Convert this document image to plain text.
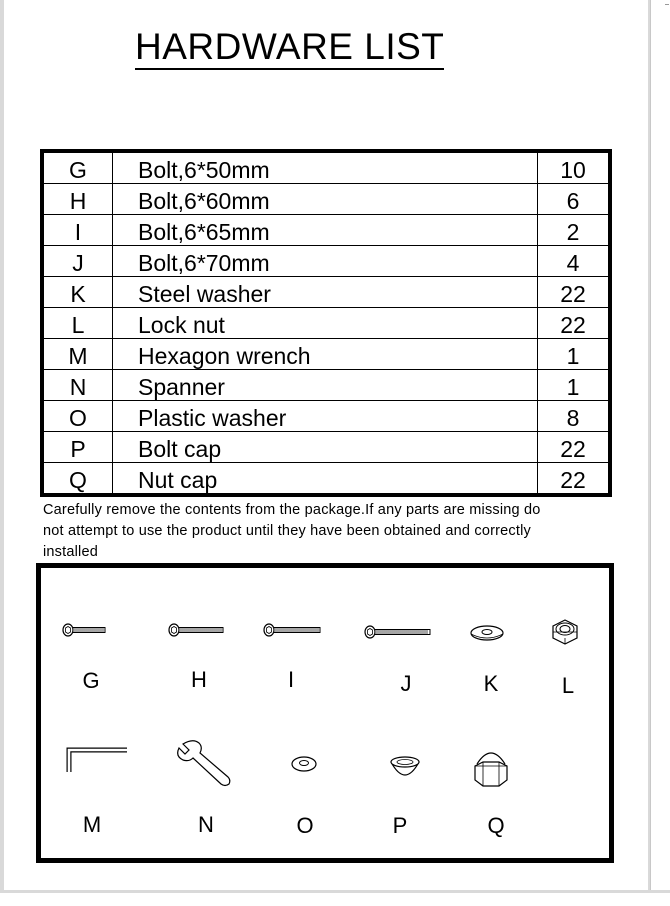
HARDWARE LIST
G	Bolt,6*50mm	10
H	Bolt,6*60mm	6
I	Bolt,6*65mm	2
J	Bolt,6*70mm	4
K	Steel washer	22
L	Lock nut	22
M	Hexagon wrench	1
N	Spanner	1
O	Plastic washer	8
P	Bolt cap	22
Q	Nut cap	22
Carefully remove the contents from the package.If any parts are missing do
not attempt to use the product until they have been obtained and correctly
installed
G	H	I	J	K	L
M	N	O	P	Q
